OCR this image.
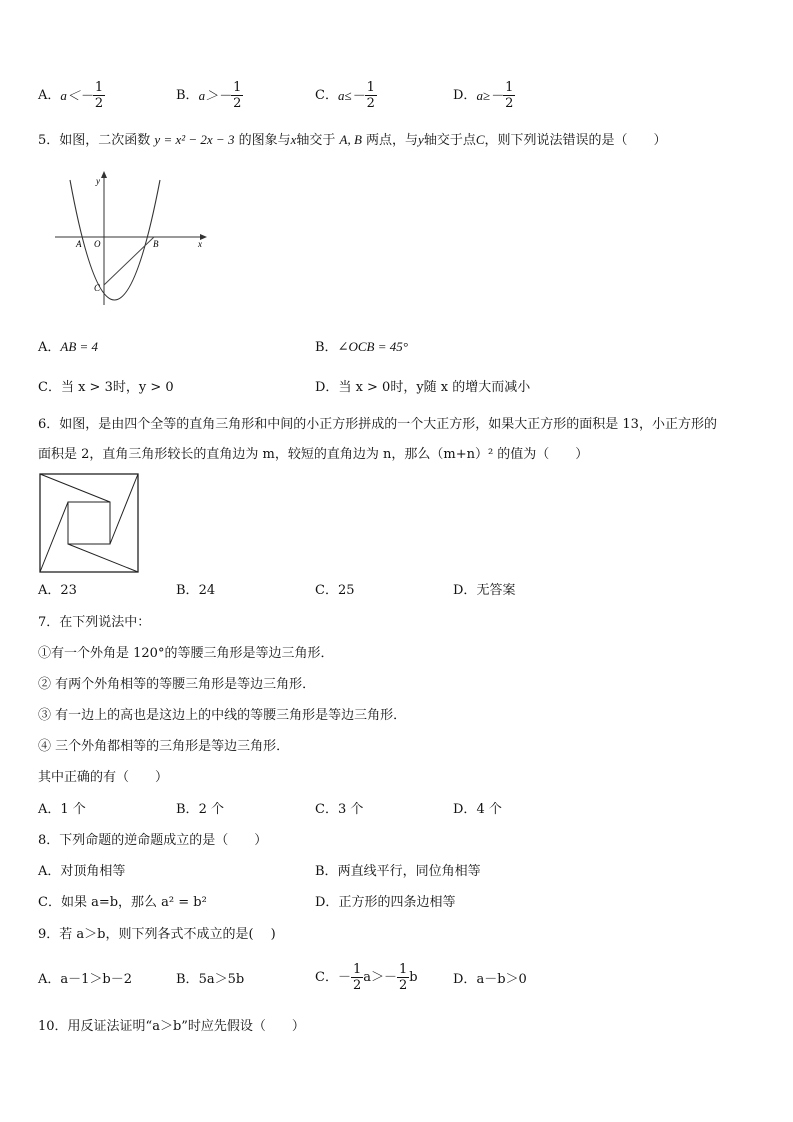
A． $a<- \frac{1}{2}$	B． $a>- \frac{1}{2}$	C． $a\le- \frac{1}{2}$	D． $a\ge- \frac{1}{2}$
5．如图，二次函数 y = x² − 2x − 3 的图象与x轴交于 A, B 两点，与y轴交于点C，则下列说法错误的是（　　）
y
x
A O	B
C
A．AB = 4	B．∠OCB = 45°
C．当 x > 3时，y > 0	D．当 x > 0时，y随 x 的增大而减小
6．如图，是由四个全等的直角三角形和中间的小正方形拼成的一个大正方形，如果大正方形的面积是 13，小正方形的
面积是 2，直角三角形较长的直角边为 m，较短的直角边为 n，那么（m+n）² 的值为（　　）
A．23	B．24	C．25	D．无答案
7．在下列说法中：
①有一个外角是 120°的等腰三角形是等边三角形．
② 有两个外角相等的等腰三角形是等边三角形．
③ 有一边上的高也是这边上的中线的等腰三角形是等边三角形．
④ 三个外角都相等的三角形是等边三角形．
其中正确的有（　　）
A．1 个	B．2 个	C．3 个	D．4 个
8．下列命题的逆命题成立的是（　　）
A．对顶角相等	B．两直线平行，同位角相等
C．如果 a=b，那么 a² = b²	D．正方形的四条边相等
9．若 a＞b，则下列各式不成立的是(　 )
A．a－1＞b－2	B．5a＞5b	C． － $\frac{1}{2} a>- \frac{1}{2}$ b	D．a－b＞0
10．用反证法证明“a＞b”时应先假设（　　）
